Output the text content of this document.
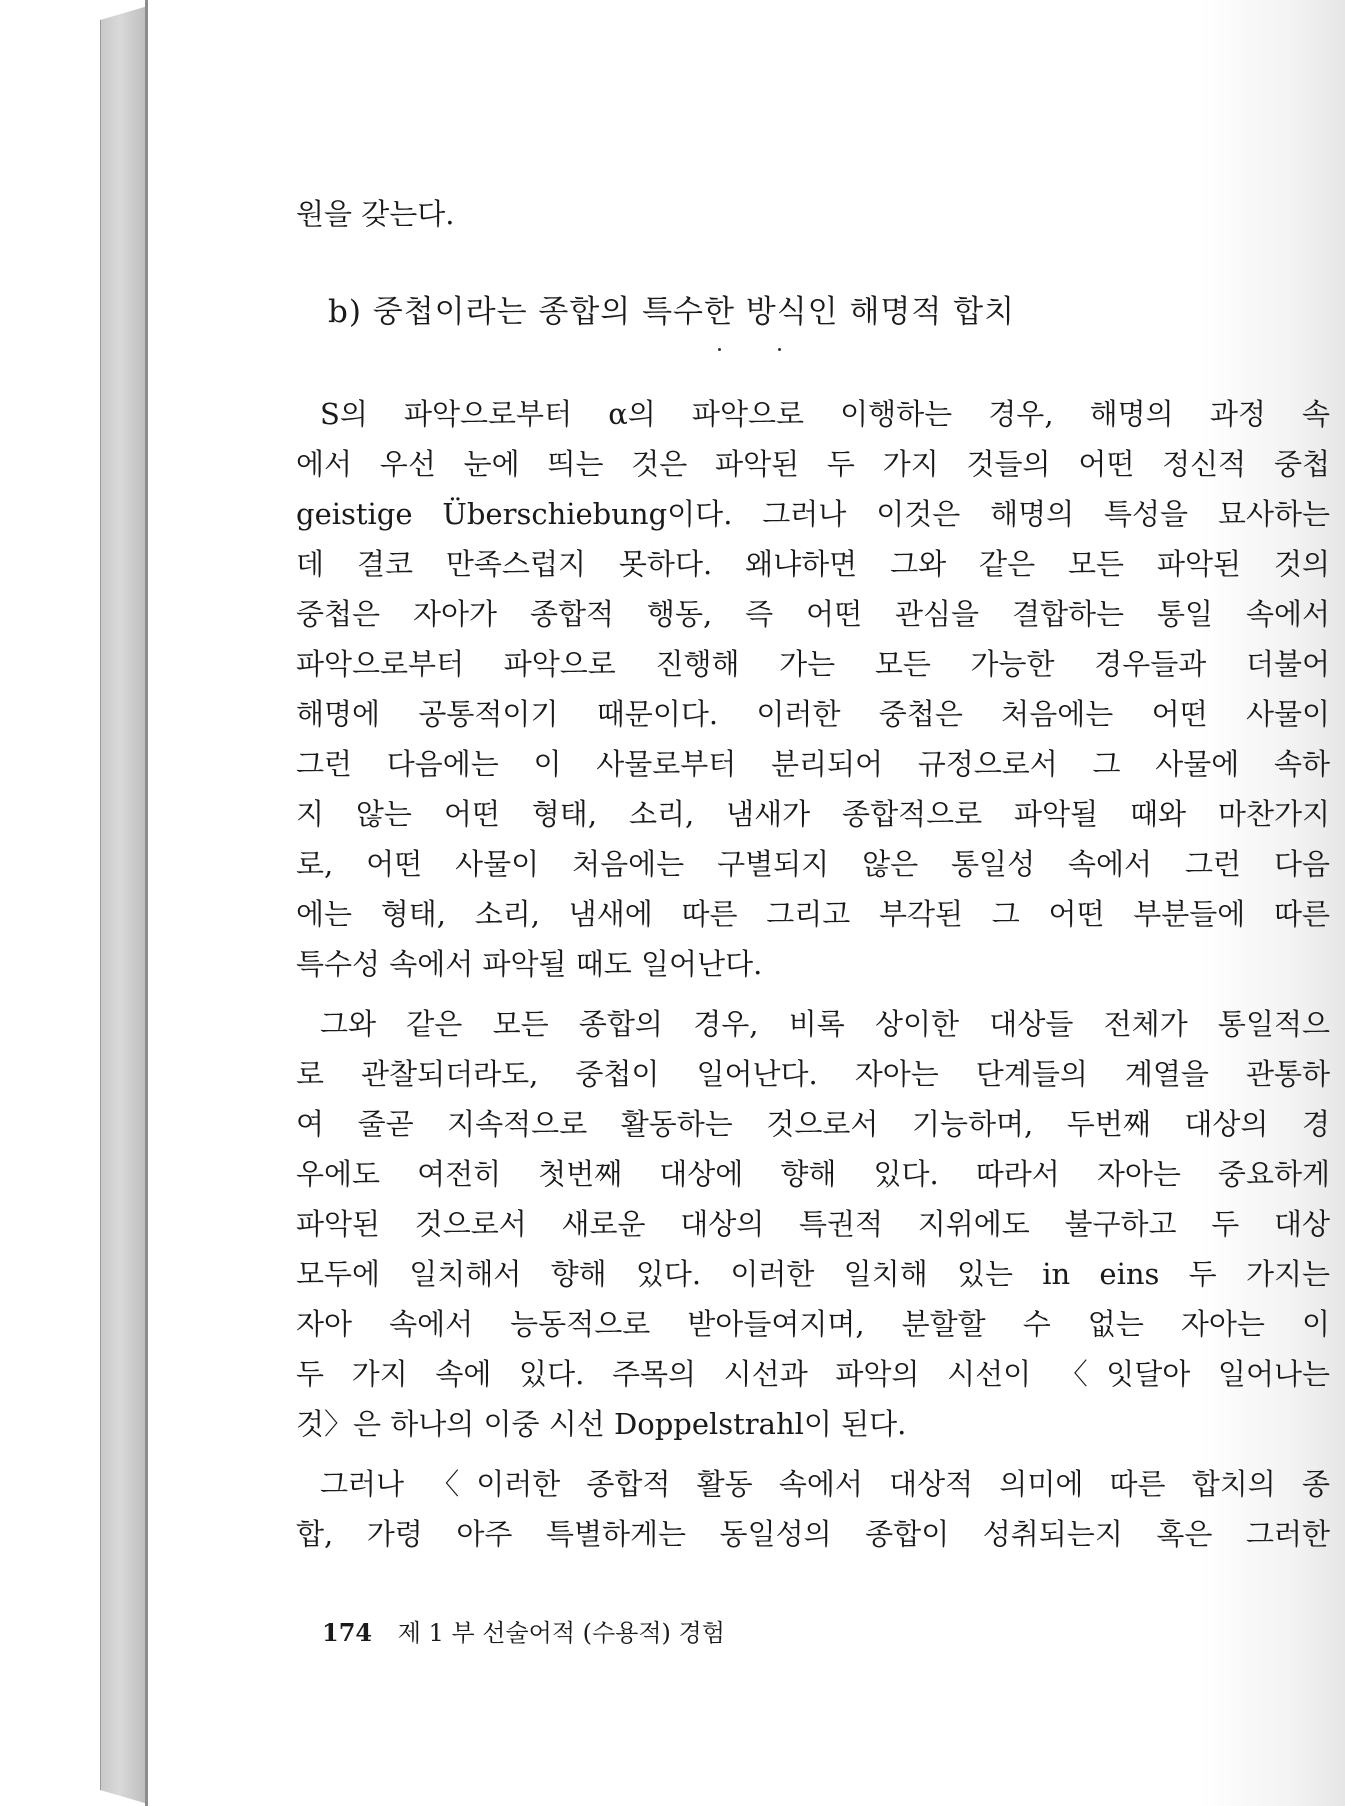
원을 갖는다.
b) 중첩이라는 종합의 특수한 방식인 해명적 합치
S의 파악으로부터 α의 파악으로 이행하는 경우, 해명의 과정 속
에서 우선 눈에 띄는 것은 파악된 두 가지 것들의 어떤 정신적 중첩
geistige Überschiebung이다. 그러나 이것은 해명의 특성을 묘사하는
데 결코 만족스럽지 못하다. 왜냐하면 그와 같은 모든 파악된 것의
중첩은 자아가 종합적 행동, 즉 어떤 관심을 결합하는 통일 속에서
파악으로부터 파악으로 진행해 가는 모든 가능한 경우들과 더불어
해명에 공통적이기 때문이다. 이러한 중첩은 처음에는 어떤 사물이
그런 다음에는 이 사물로부터 분리되어 규정으로서 그 사물에 속하
지 않는 어떤 형태, 소리, 냄새가 종합적으로 파악될 때와 마찬가지
로, 어떤 사물이 처음에는 구별되지 않은 통일성 속에서 그런 다음
에는 형태, 소리, 냄새에 따른 그리고 부각된 그 어떤 부분들에 따른
특수성 속에서 파악될 때도 일어난다.
그와 같은 모든 종합의 경우, 비록 상이한 대상들 전체가 통일적으
로 관찰되더라도, 중첩이 일어난다. 자아는 단계들의 계열을 관통하
여 줄곧 지속적으로 활동하는 것으로서 기능하며, 두번째 대상의 경
우에도 여전히 첫번째 대상에 향해 있다. 따라서 자아는 중요하게
파악된 것으로서 새로운 대상의 특권적 지위에도 불구하고 두 대상
모두에 일치해서 향해 있다. 이러한 일치해 있는 in eins 두 가지는
자아 속에서 능동적으로 받아들여지며, 분할할 수 없는 자아는 이
두 가지 속에 있다. 주목의 시선과 파악의 시선이 〈잇달아 일어나는
것〉은 하나의 이중 시선 Doppelstrahl이 된다.
그러나 〈이러한 종합적 활동 속에서 대상적 의미에 따른 합치의 종
합, 가령 아주 특별하게는 동일성의 종합이 성취되는지 혹은 그러한
174 제 1 부 선술어적 (수용적) 경험
